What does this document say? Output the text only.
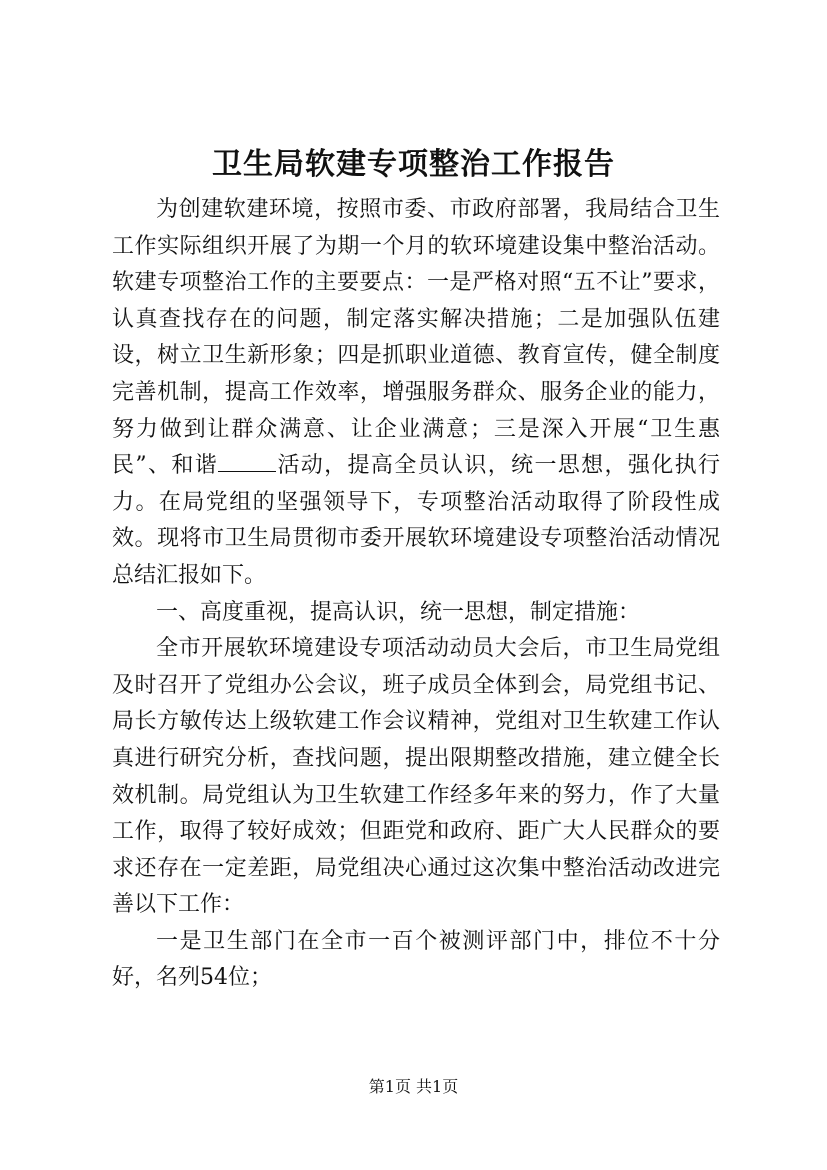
卫生局软建专项整治工作报告

为创建软建环境，按照市委、市政府部署，我局结合卫生工作实际组织开展了为期一个月的软环境建设集中整治活动。软建专项整治工作的主要要点：一是严格对照“五不让”要求，认真查找存在的问题，制定落实解决措施；二是加强队伍建设，树立卫生新形象；四是抓职业道德、教育宣传，健全制度完善机制，提高工作效率，增强服务群众、服务企业的能力，努力做到让群众满意、让企业满意；三是深入开展“卫生惠民”、和谐	活动，提高全员认识，统一思想，强化执行力。在局党组的坚强领导下，专项整治活动取得了阶段性成效。现将市卫生局贯彻市委开展软环境建设专项整治活动情况总结汇报如下。

一、高度重视，提高认识，统一思想，制定措施：

全市开展软环境建设专项活动动员大会后，市卫生局党组及时召开了党组办公会议，班子成员全体到会，局党组书记、局长方敏传达上级软建工作会议精神，党组对卫生软建工作认真进行研究分析，查找问题，提出限期整改措施，建立健全长效机制。局党组认为卫生软建工作经多年来的努力，作了大量工作，取得了较好成效；但距党和政府、距广大人民群众的要求还存在一定差距，局党组决心通过这次集中整治活动改进完善以下工作：

一是卫生部门在全市一百个被测评部门中，排位不十分好，名列54位；

第1页 共1页
